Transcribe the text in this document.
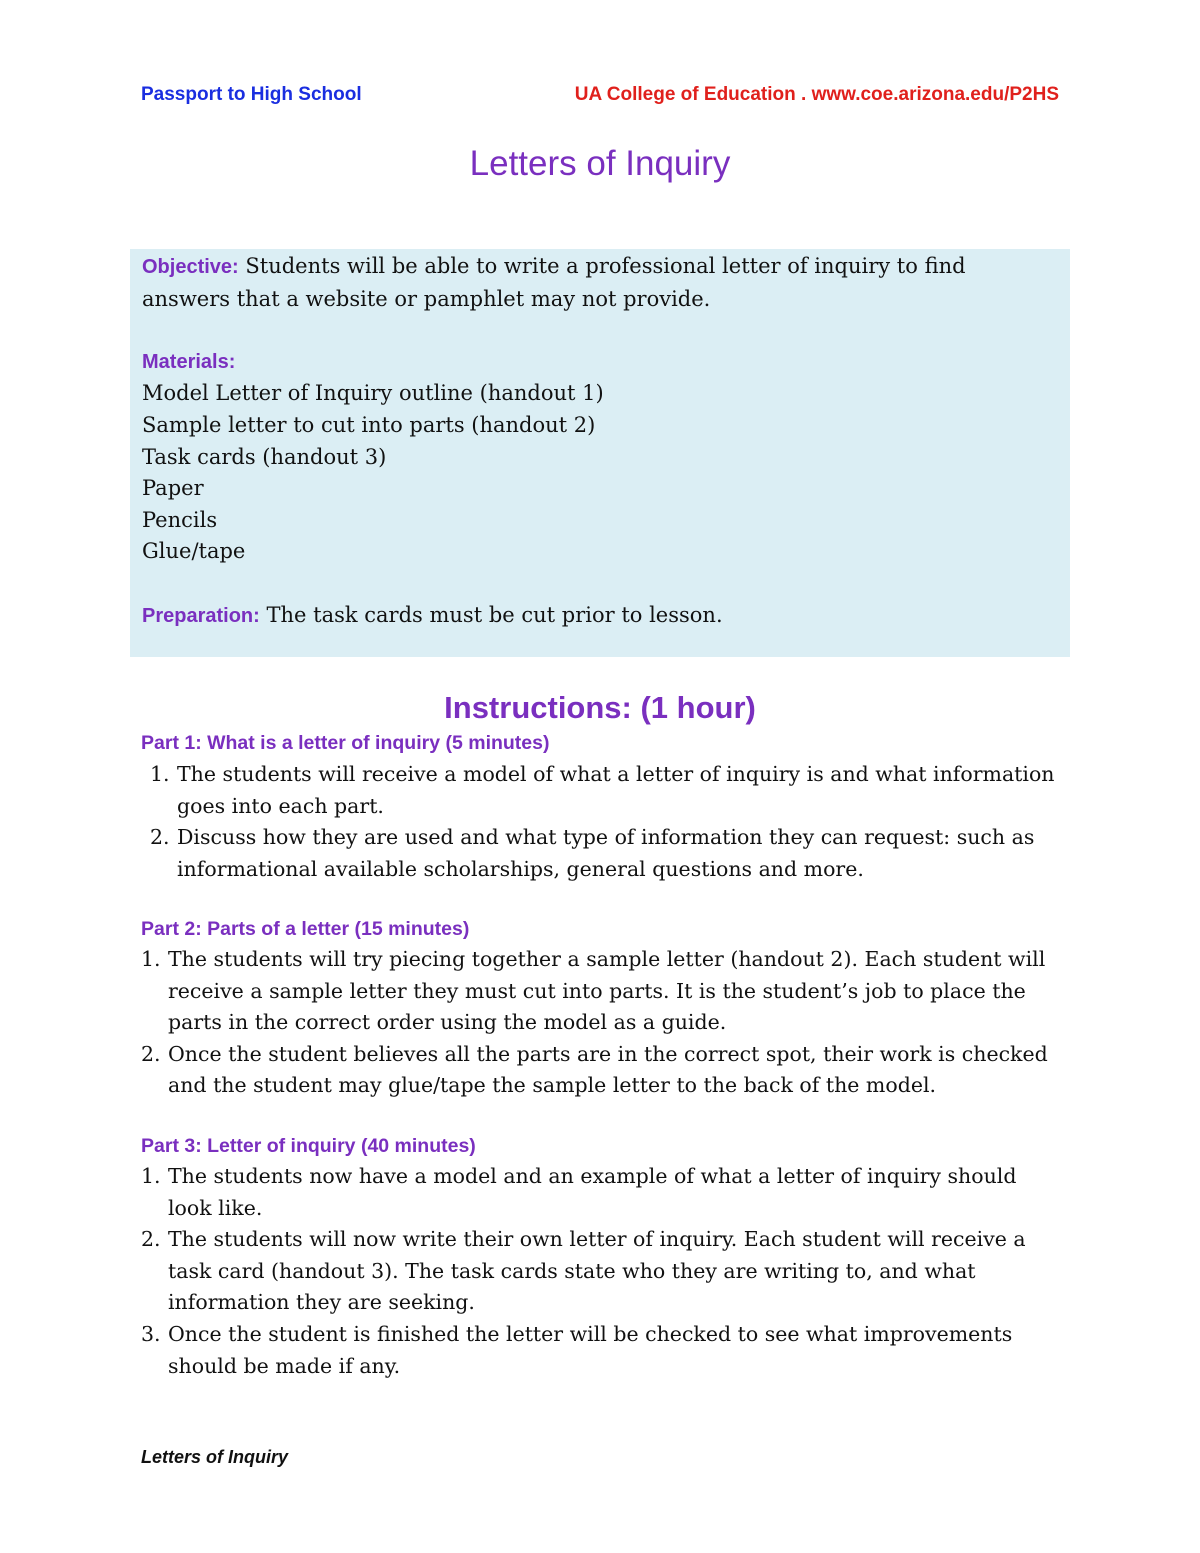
Passport to High School	UA College of Education . www.coe.arizona.edu/P2HS
Letters of Inquiry
Objective: Students will be able to write a professional letter of inquiry to find answers that a website or pamphlet may not provide.
Materials:
Model Letter of Inquiry outline (handout 1)
Sample letter to cut into parts (handout 2)
Task cards (handout 3)
Paper
Pencils
Glue/tape
Preparation: The task cards must be cut prior to lesson.
Instructions: (1 hour)
Part 1: What is a letter of inquiry (5 minutes)
1. The students will receive a model of what a letter of inquiry is and what information goes into each part.
2. Discuss how they are used and what type of information they can request: such as informational available scholarships, general questions and more.
Part 2: Parts of a letter (15 minutes)
1. The students will try piecing together a sample letter (handout 2). Each student will receive a sample letter they must cut into parts. It is the student’s job to place the parts in the correct order using the model as a guide.
2. Once the student believes all the parts are in the correct spot, their work is checked and the student may glue/tape the sample letter to the back of the model.
Part 3: Letter of inquiry (40 minutes)
1. The students now have a model and an example of what a letter of inquiry should look like.
2. The students will now write their own letter of inquiry. Each student will receive a task card (handout 3). The task cards state who they are writing to, and what information they are seeking.
3. Once the student is finished the letter will be checked to see what improvements should be made if any.
Letters of Inquiry
